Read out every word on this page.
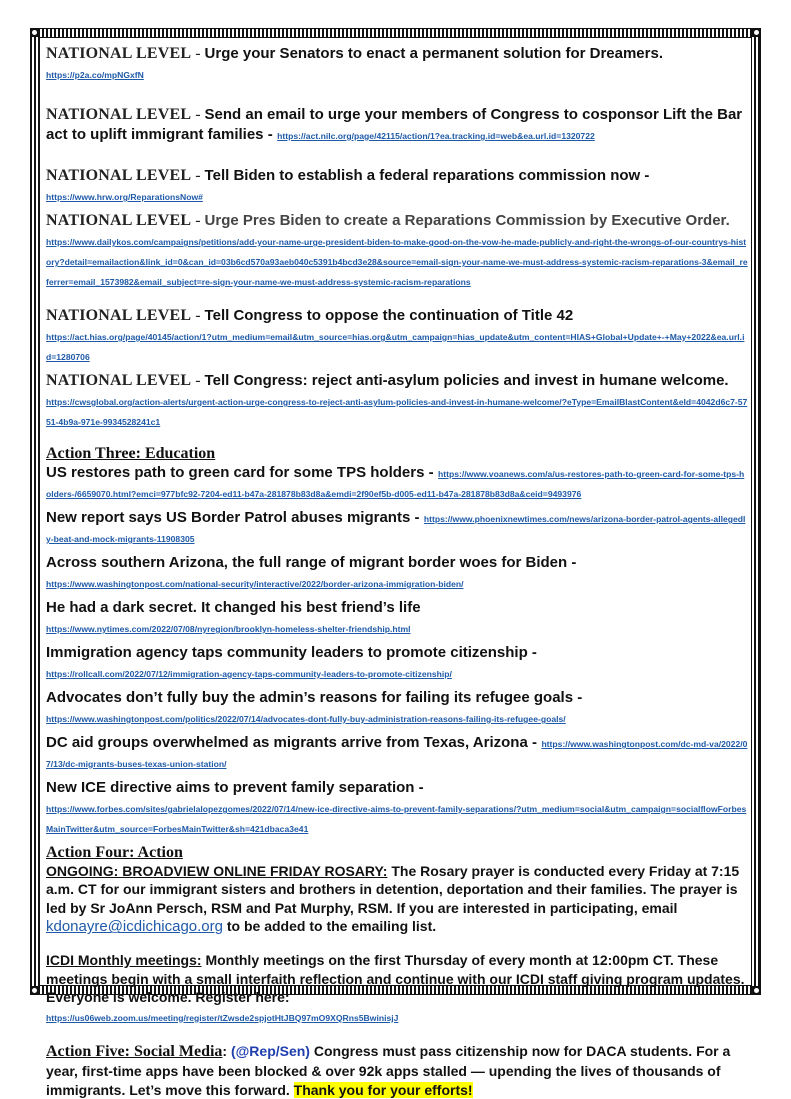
NATIONAL LEVEL - Urge your Senators to enact a permanent solution for Dreamers.
https://p2a.co/mpNGxfN
NATIONAL LEVEL - Send an email to urge your members of Congress to cosponsor Lift the Bar act to uplift immigrant families - https://act.nilc.org/page/42115/action/1?ea.tracking.id=web&ea.url.id=1320722
NATIONAL LEVEL - Tell Biden to establish a federal reparations commission now -
https://www.hrw.org/ReparationsNow#
NATIONAL LEVEL - Urge Pres Biden to create a Reparations Commission by Executive Order.
https://www.dailykos.com/campaigns/petitions/add-your-name-urge-president-biden-to-make-good-on-the-vow-he-made-publicly-and-right-the-wrongs-of-our-countrys-history?detail=emailaction&link_id=0&can_id=03b6cd570a93aeb040c5391b4bcd3e28&source=email-sign-your-name-we-must-address-systemic-racism-reparations-3&email_referrer=email_1573982&email_subject=re-sign-your-name-we-must-address-systemic-racism-reparations
NATIONAL LEVEL - Tell Congress to oppose the continuation of Title 42
https://act.hias.org/page/40145/action/1?utm_medium=email&utm_source=hias.org&utm_campaign=hias_update&utm_content=HIAS+Global+Update+-+May+2022&ea.url.id=1280706
NATIONAL LEVEL - Tell Congress: reject anti-asylum policies and invest in humane welcome.
https://cwsglobal.org/action-alerts/urgent-action-urge-congress-to-reject-anti-asylum-policies-and-invest-in-humane-welcome/?eType=EmailBlastContent&eId=4042d6c7-5751-4b9a-971e-9934528241c1
Action Three: Education
US restores path to green card for some TPS holders - https://www.voanews.com/a/us-restores-path-to-green-card-for-some-tps-holders-/6659070.html?emci=977bfc92-7204-ed11-b47a-281878b83d8a&emdi=2f90ef5b-d005-ed11-b47a-281878b83d8a&ceid=9493976
New report says US Border Patrol abuses migrants - https://www.phoenixnewtimes.com/news/arizona-border-patrol-agents-allegedly-beat-and-mock-migrants-11908305
Across southern Arizona, the full range of migrant border woes for Biden -
https://www.washingtonpost.com/national-security/interactive/2022/border-arizona-immigration-biden/
He had a dark secret. It changed his best friend’s life
https://www.nytimes.com/2022/07/08/nyregion/brooklyn-homeless-shelter-friendship.html
Immigration agency taps community leaders to promote citizenship -
https://rollcall.com/2022/07/12/immigration-agency-taps-community-leaders-to-promote-citizenship/
Advocates don’t fully buy the admin’s reasons for failing its refugee goals -
https://www.washingtonpost.com/politics/2022/07/14/advocates-dont-fully-buy-administration-reasons-failing-its-refugee-goals/
DC aid groups overwhelmed as migrants arrive from Texas, Arizona - https://www.washingtonpost.com/dc-md-va/2022/07/13/dc-migrants-buses-texas-union-station/
New ICE directive aims to prevent family separation -
https://www.forbes.com/sites/gabrielalopezgomes/2022/07/14/new-ice-directive-aims-to-prevent-family-separations/?utm_medium=social&utm_campaign=socialflowForbesMainTwitter&utm_source=ForbesMainTwitter&sh=421dbaca3e41
Action Four: Action
ONGOING: BROADVIEW ONLINE FRIDAY ROSARY: The Rosary prayer is conducted every Friday at 7:15 a.m. CT for our immigrant sisters and brothers in detention, deportation and their families. The prayer is led by Sr JoAnn Persch, RSM and Pat Murphy, RSM. If you are interested in participating, email kdonayre@icdichicago.org to be added to the emailing list.
ICDI Monthly meetings: Monthly meetings on the first Thursday of every month at 12:00pm CT. These meetings begin with a small interfaith reflection and continue with our ICDI staff giving program updates. Everyone is welcome. Register here:
https://us06web.zoom.us/meeting/register/tZwsde2spjotHtJBQ97mO9XQRns5BwinisjJ
Action Five: Social Media: (@Rep/Sen) Congress must pass citizenship now for DACA students. For a year, first-time apps have been blocked & over 92k apps stalled — upending the lives of thousands of immigrants. Let’s move this forward. Thank you for your efforts!
